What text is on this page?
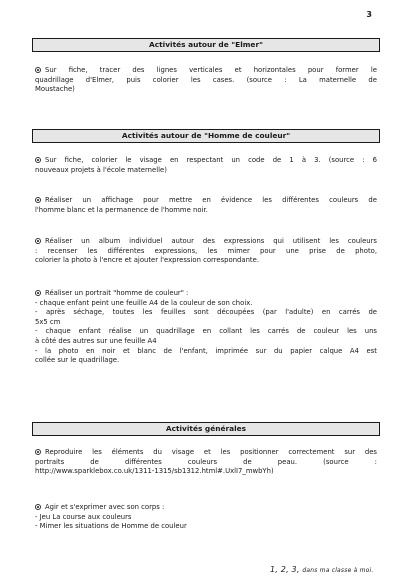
3
Activités autour de "Elmer"
Sur fiche, tracer des lignes verticales et horizontales pour former le
quadrillage d'Elmer, puis colorier les cases. (source : La maternelle de
Moustache)
Activités autour de "Homme de couleur"
Sur fiche, colorier le visage en respectant un code de 1 à 3. (source : 6
nouveaux projets à l'école maternelle)
Réaliser un affichage pour mettre en évidence les différentes couleurs de
l'homme blanc et la permanence de l'homme noir.
Réaliser un album individuel autour des expressions qui utilisent les couleurs
: recenser les différentes expressions, les mimer pour une prise de photo,
colorier la photo à l'encre et ajouter l'expression correspondante.
Réaliser un portrait "homme de couleur" :
- chaque enfant peint une feuille A4 de la couleur de son choix.
- après séchage, toutes les feuilles sont découpées (par l'adulte) en carrés de
5x5 cm
- chaque enfant réalise un quadrillage en collant les carrés de couleur les uns
à côté des autres sur une feuille A4
- la photo en noir et blanc de l'enfant, imprimée sur du papier calque A4 est
collée sur le quadrillage.
Activités générales
Reproduire les éléments du visage et les positionner correctement sur des
portraits de différentes couleurs de peau. (source :
http://www.sparklebox.co.uk/1311-1315/sb1312.html#.UxlI7_mwbYh)
Agir et s'exprimer avec son corps :
- Jeu La course aux couleurs
- Mimer les situations de Homme de couleur
1, 2, 3, dans ma classe à moi.
